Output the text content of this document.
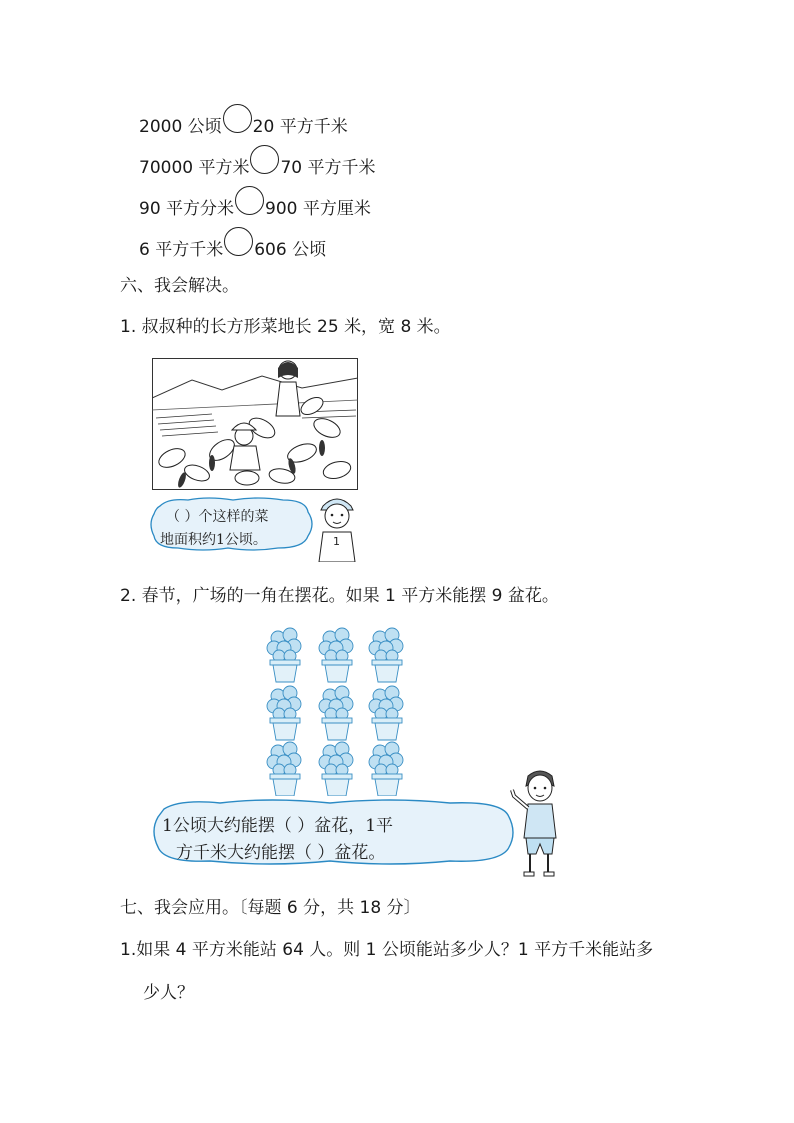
2000 公顷 20 平方千米
70000 平方米 70 平方千米
90 平方分米 900 平方厘米
6 平方千米 606 公顷
六、我会解决。
1. 叔叔种的长方形菜地长 25 米，宽 8 米。
（ ）个这样的菜
地面积约1公顷。	1
2. 春节，广场的一角在摆花。如果 1 平方米能摆 9 盆花。
1公顷大约能摆（ ）盆花，1平
方千米大约能摆（ ）盆花。
七、我会应用。〔每题 6 分，共 18 分〕
1.如果 4 平方米能站 64 人。则 1 公顷能站多少人？1 平方千米能站多
少人？
